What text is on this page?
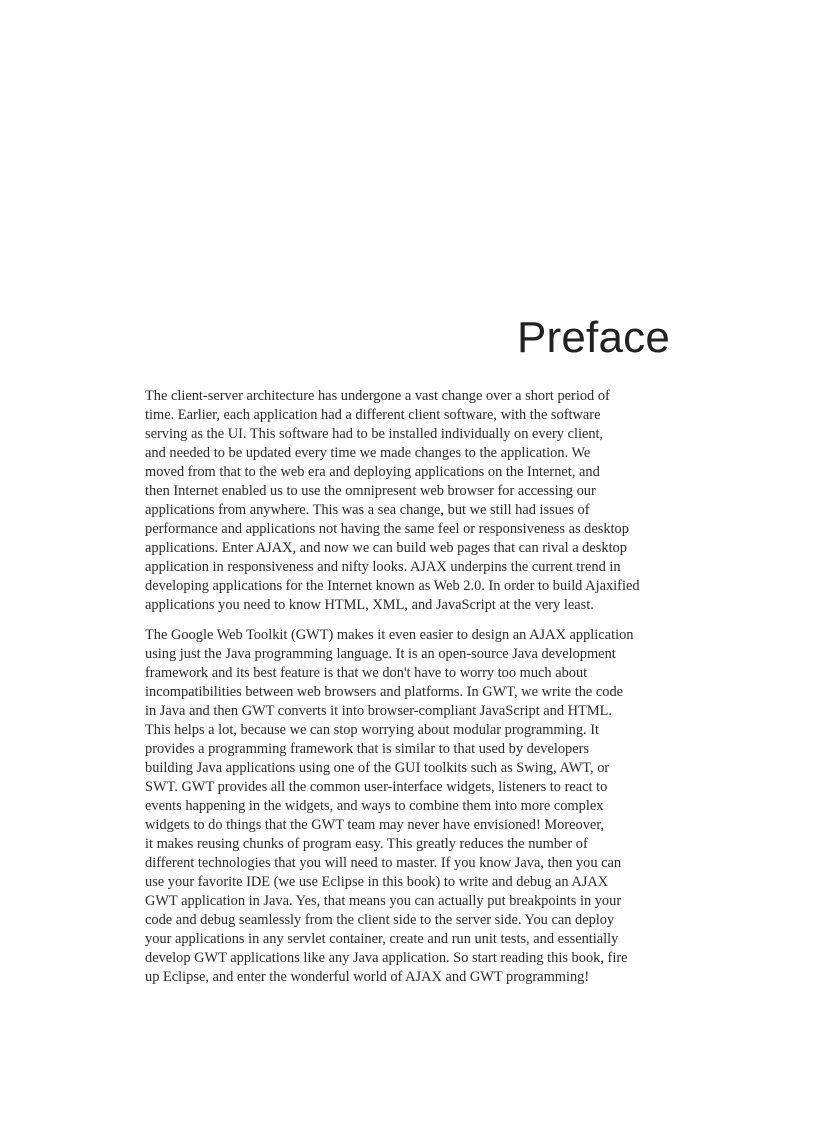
Preface

The client-server architecture has undergone a vast change over a short period of
time. Earlier, each application had a different client software, with the software
serving as the UI. This software had to be installed individually on every client,
and needed to be updated every time we made changes to the application. We
moved from that to the web era and deploying applications on the Internet, and
then Internet enabled us to use the omnipresent web browser for accessing our
applications from anywhere. This was a sea change, but we still had issues of
performance and applications not having the same feel or responsiveness as desktop
applications. Enter AJAX, and now we can build web pages that can rival a desktop
application in responsiveness and nifty looks. AJAX underpins the current trend in
developing applications for the Internet known as Web 2.0. In order to build Ajaxified
applications you need to know HTML, XML, and JavaScript at the very least.

The Google Web Toolkit (GWT) makes it even easier to design an AJAX application
using just the Java programming language. It is an open-source Java development
framework and its best feature is that we don't have to worry too much about
incompatibilities between web browsers and platforms. In GWT, we write the code
in Java and then GWT converts it into browser-compliant JavaScript and HTML.
This helps a lot, because we can stop worrying about modular programming. It
provides a programming framework that is similar to that used by developers
building Java applications using one of the GUI toolkits such as Swing, AWT, or
SWT. GWT provides all the common user-interface widgets, listeners to react to
events happening in the widgets, and ways to combine them into more complex
widgets to do things that the GWT team may never have envisioned! Moreover,
it makes reusing chunks of program easy. This greatly reduces the number of
different technologies that you will need to master. If you know Java, then you can
use your favorite IDE (we use Eclipse in this book) to write and debug an AJAX
GWT application in Java. Yes, that means you can actually put breakpoints in your
code and debug seamlessly from the client side to the server side. You can deploy
your applications in any servlet container, create and run unit tests, and essentially
develop GWT applications like any Java application. So start reading this book, fire
up Eclipse, and enter the wonderful world of AJAX and GWT programming!
